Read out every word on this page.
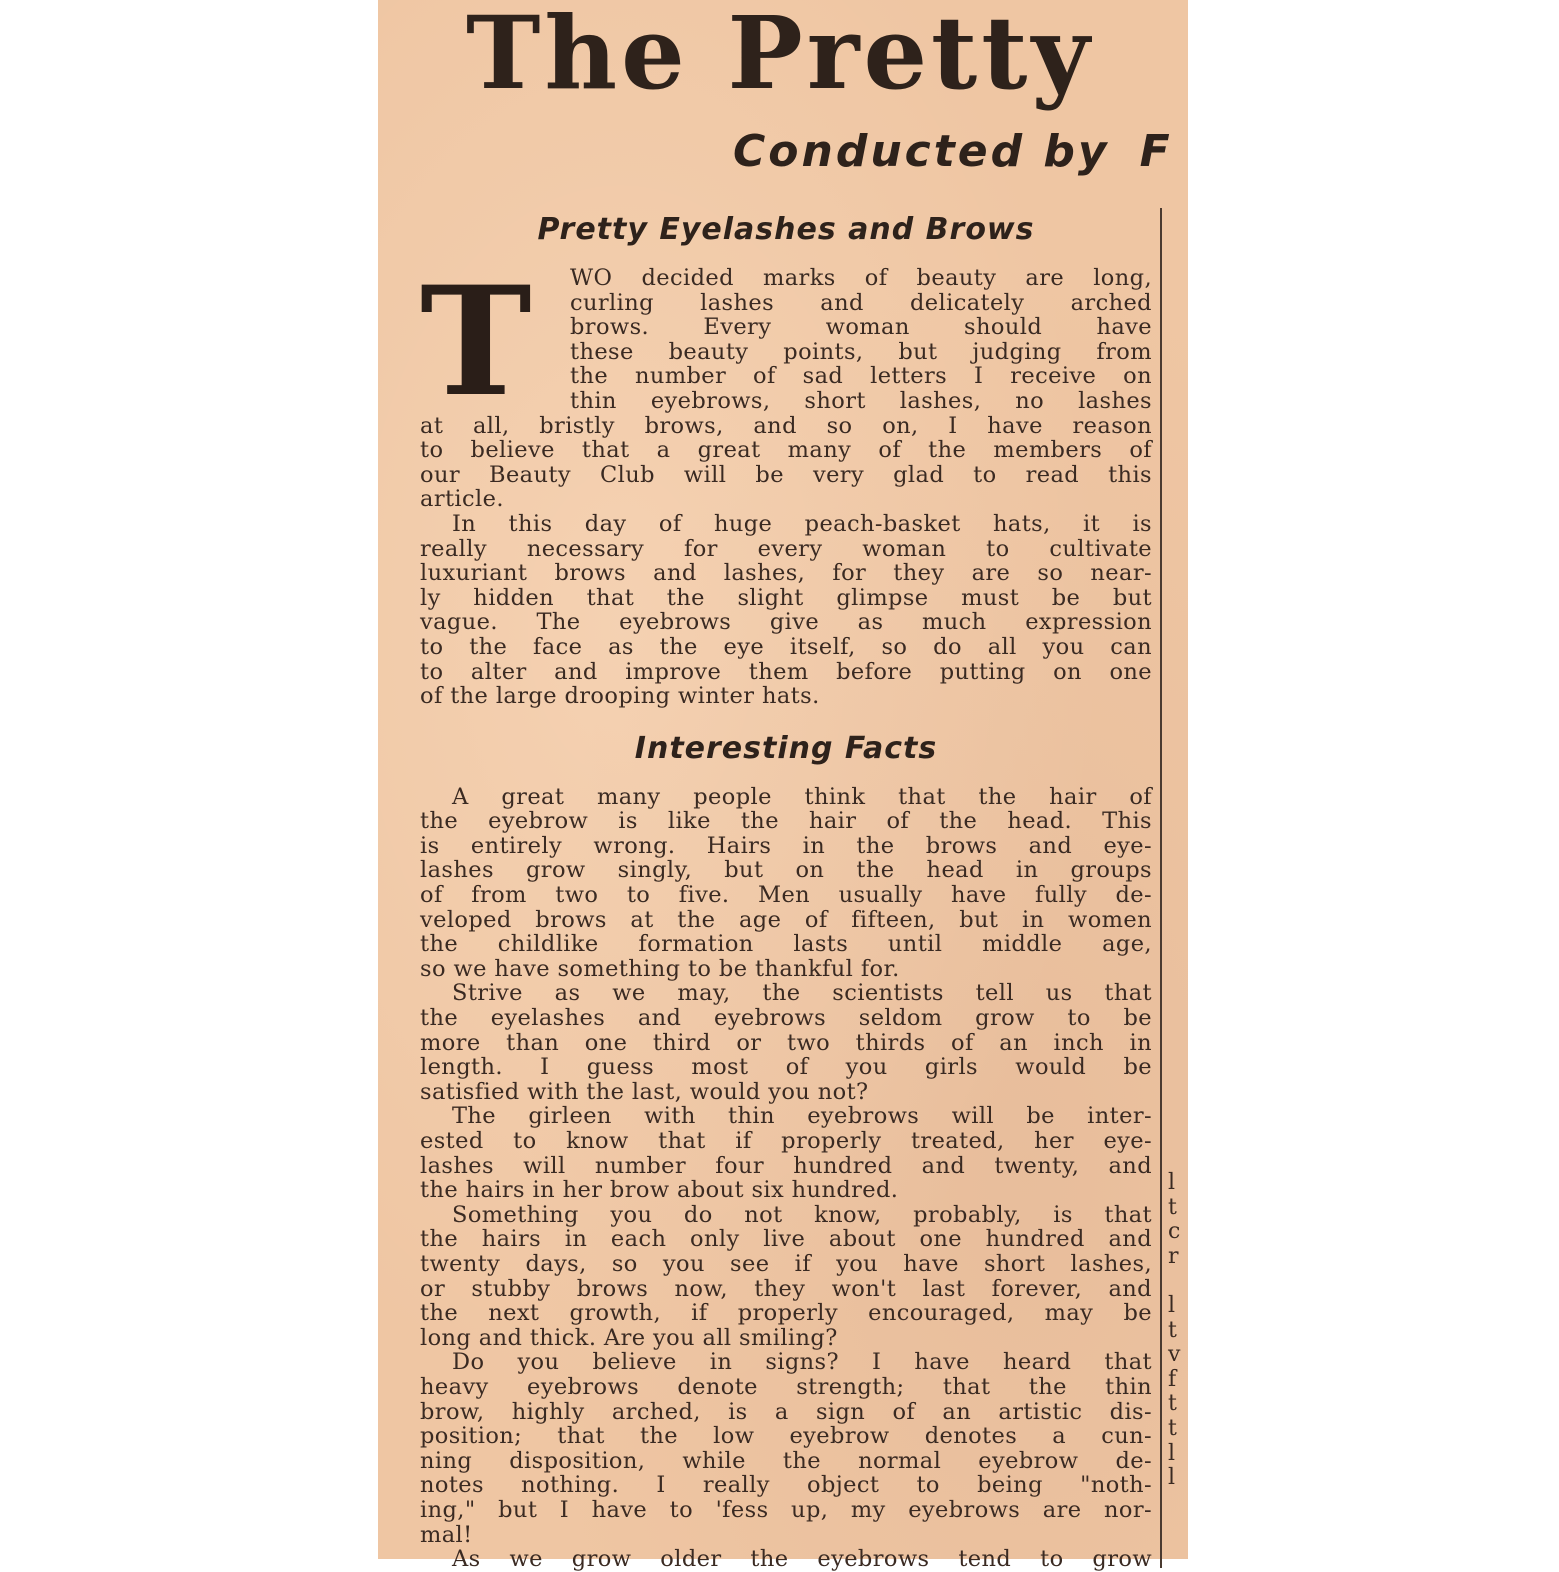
The Pretty
Conducted by F
l
t
c
r
l
t
v
f
t
t
l
l
Pretty Eyelashes and Brows
T	WO decided marks of beauty are long,
curling lashes and delicately arched
brows. Every woman should have
these beauty points, but judging from
the number of sad letters I receive on
thin eyebrows, short lashes, no lashes
at all, bristly brows, and so on, I have reason
to believe that a great many of the members of
our Beauty Club will be very glad to read this
article.
In this day of huge peach-basket hats, it is
really necessary for every woman to cultivate
luxuriant brows and lashes, for they are so near-
ly hidden that the slight glimpse must be but
vague. The eyebrows give as much expression
to the face as the eye itself, so do all you can
to alter and improve them before putting on one
of the large drooping winter hats.
Interesting Facts
A great many people think that the hair of
the eyebrow is like the hair of the head. This
is entirely wrong. Hairs in the brows and eye-
lashes grow singly, but on the head in groups
of from two to five. Men usually have fully de-
veloped brows at the age of fifteen, but in women
the childlike formation lasts until middle age,
so we have something to be thankful for.
Strive as we may, the scientists tell us that
the eyelashes and eyebrows seldom grow to be
more than one third or two thirds of an inch in
length. I guess most of you girls would be
satisfied with the last, would you not?
The girleen with thin eyebrows will be inter-
ested to know that if properly treated, her eye-
lashes will number four hundred and twenty, and
the hairs in her brow about six hundred.
Something you do not know, probably, is that
the hairs in each only live about one hundred and
twenty days, so you see if you have short lashes,
or stubby brows now, they won't last forever, and
the next growth, if properly encouraged, may be
long and thick. Are you all smiling?
Do you believe in signs? I have heard that
heavy eyebrows denote strength; that the thin
brow, highly arched, is a sign of an artistic dis-
position; that the low eyebrow denotes a cun-
ning disposition, while the normal eyebrow de-
notes nothing. I really object to being "noth-
ing," but I have to 'fess up, my eyebrows are nor-
mal!
As we grow older the eyebrows tend to grow
